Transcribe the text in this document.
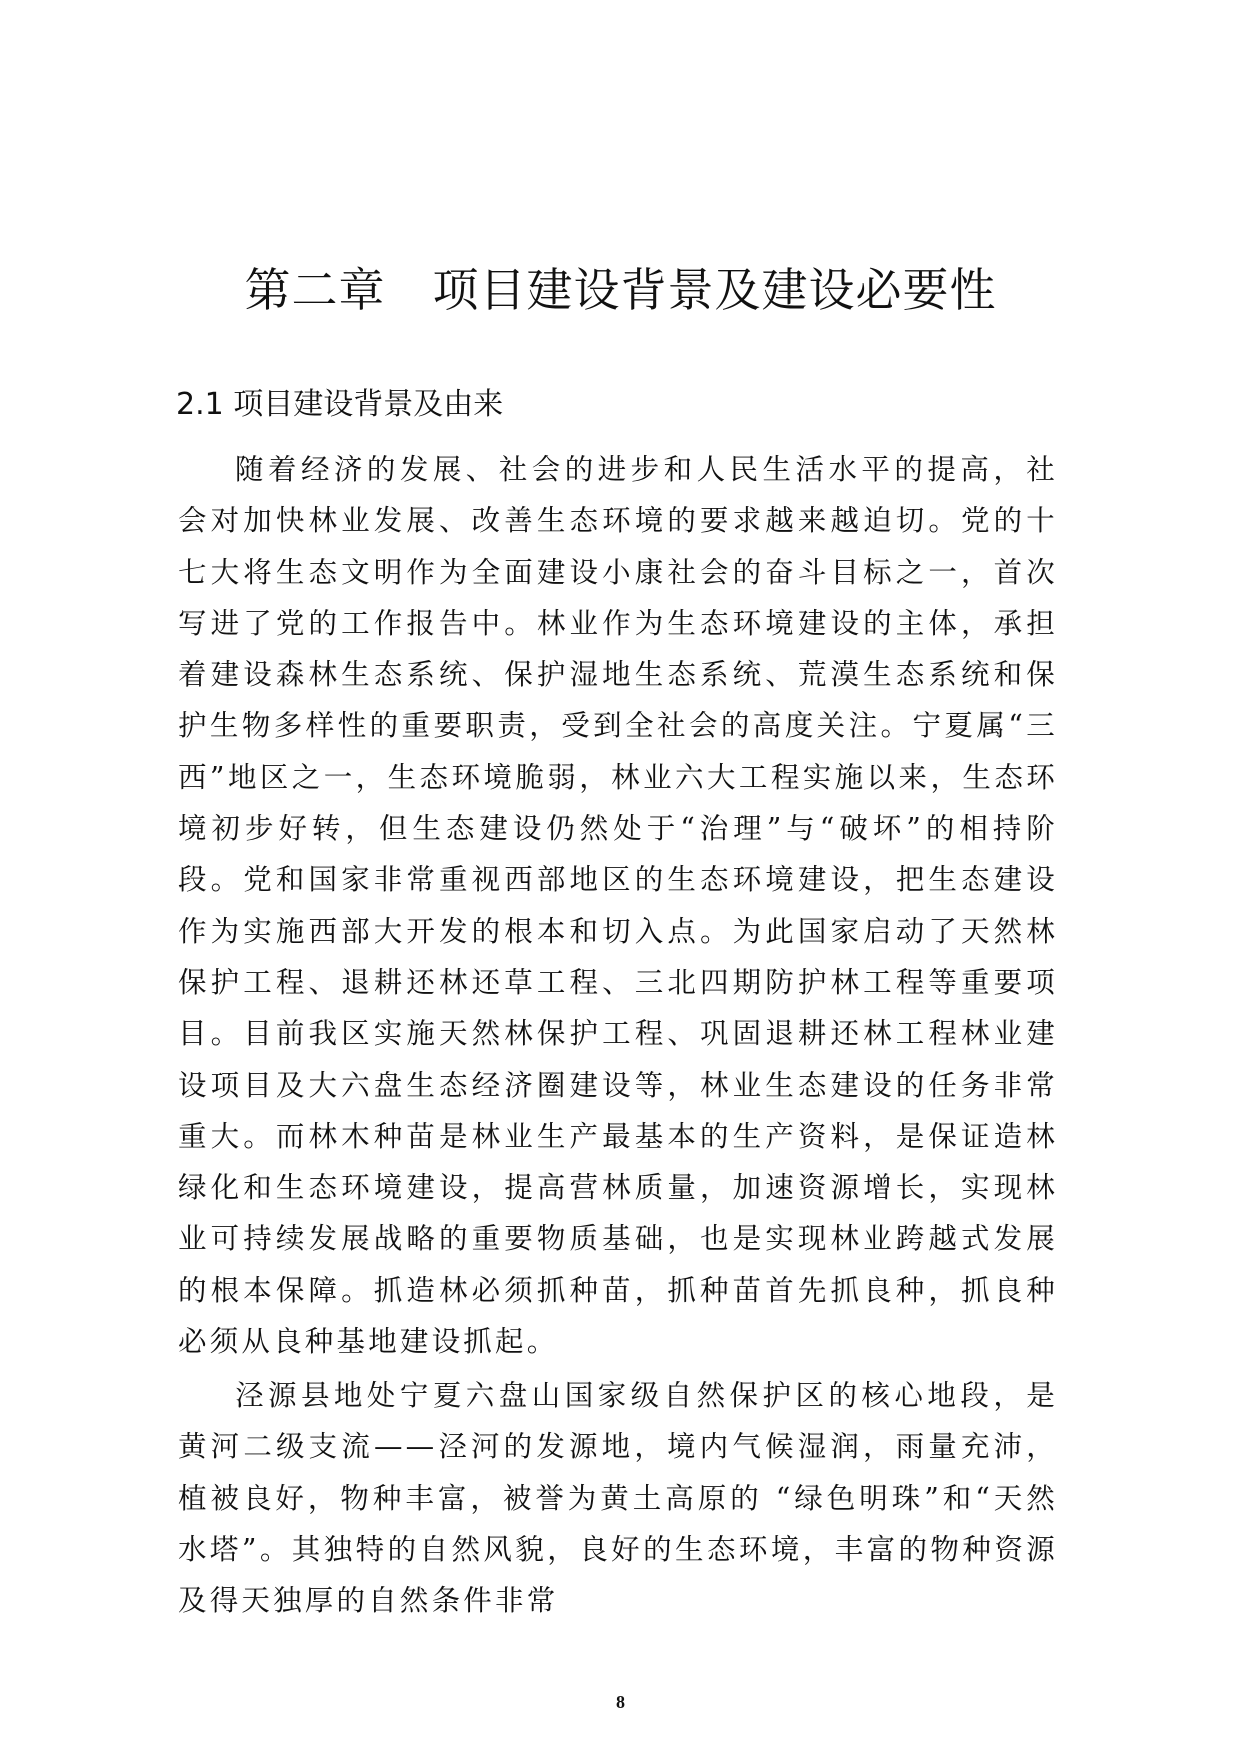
第二章　项目建设背景及建设必要性
2.1 项目建设背景及由来

随着经济的发展、社会的进步和人民生活水平的提高，社会对加快林业发展、改善生态环境的要求越来越迫切。党的十七大将生态文明作为全面建设小康社会的奋斗目标之一，首次写进了党的工作报告中。林业作为生态环境建设的主体，承担着建设森林生态系统、保护湿地生态系统、荒漠生态系统和保护生物多样性的重要职责，受到全社会的高度关注。宁夏属“三西”地区之一，生态环境脆弱，林业六大工程实施以来，生态环境初步好转，但生态建设仍然处于“治理”与“破坏”的相持阶段。党和国家非常重视西部地区的生态环境建设，把生态建设作为实施西部大开发的根本和切入点。为此国家启动了天然林保护工程、退耕还林还草工程、三北四期防护林工程等重要项目。目前我区实施天然林保护工程、巩固退耕还林工程林业建设项目及大六盘生态经济圈建设等，林业生态建设的任务非常重大。而林木种苗是林业生产最基本的生产资料，是保证造林绿化和生态环境建设，提高营林质量，加速资源增长，实现林业可持续发展战略的重要物质基础，也是实现林业跨越式发展的根本保障。抓造林必须抓种苗，抓种苗首先抓良种，抓良种必须从良种基地建设抓起。

泾源县地处宁夏六盘山国家级自然保护区的核心地段，是黄河二级支流——泾河的发源地，境内气候湿润，雨量充沛，植被良好，物种丰富，被誉为黄土高原的 “绿色明珠”和“天然水塔”。其独特的自然风貌，良好的生态环境，丰富的物种资源及得天独厚的自然条件非常

8
